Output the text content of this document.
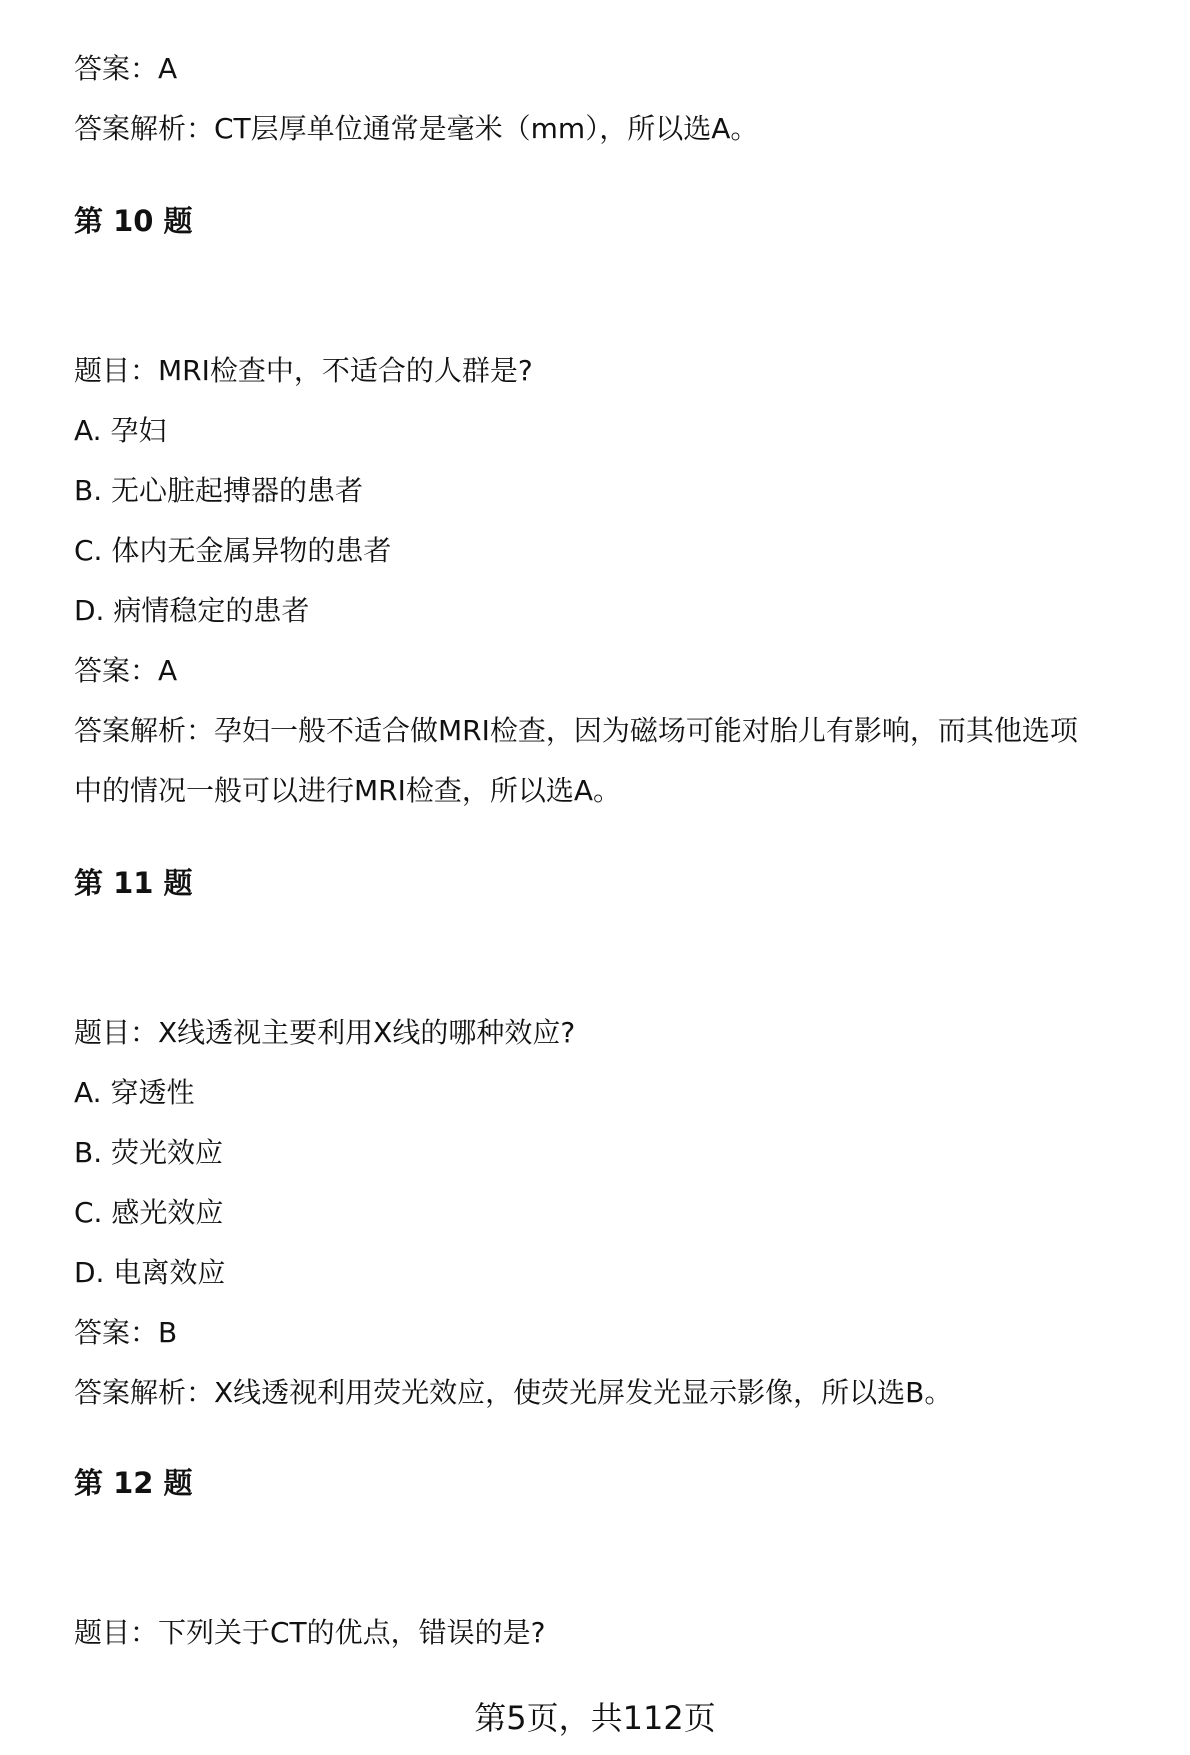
答案：A
答案解析：CT层厚单位通常是毫米（mm），所以选A。
第 10 题
题目：MRI检查中，不适合的人群是?
A. 孕妇
B. 无心脏起搏器的患者
C. 体内无金属异物的患者
D. 病情稳定的患者
答案：A
答案解析：孕妇一般不适合做MRI检查，因为磁场可能对胎儿有影响，而其他选项
中的情况一般可以进行MRI检查，所以选A。
第 11 题
题目：X线透视主要利用X线的哪种效应?
A. 穿透性
B. 荧光效应
C. 感光效应
D. 电离效应
答案：B
答案解析：X线透视利用荧光效应，使荧光屏发光显示影像，所以选B。
第 12 题
题目：下列关于CT的优点，错误的是?
第5页，共112页
